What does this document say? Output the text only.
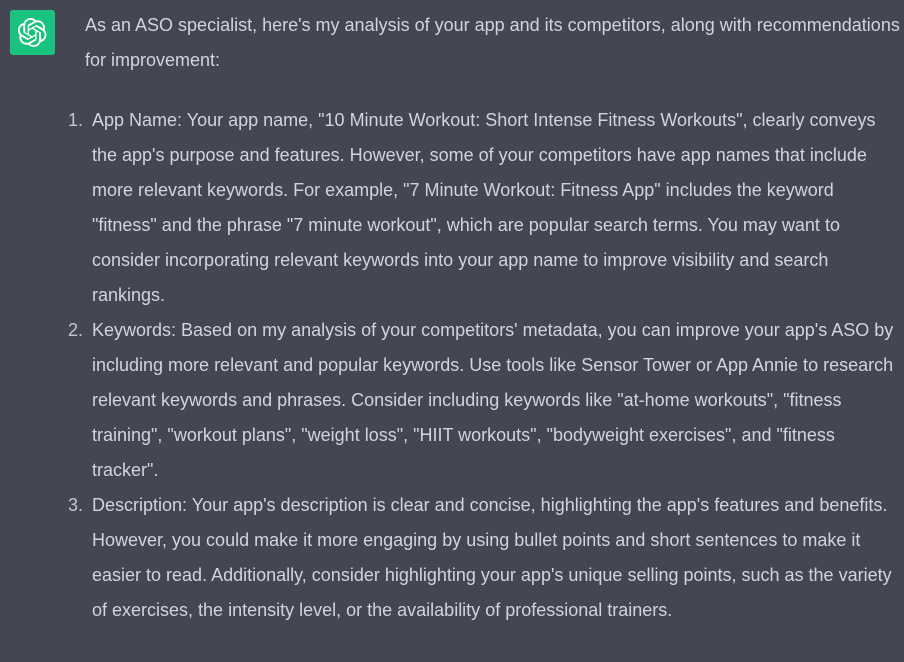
As an ASO specialist, here's my analysis of your app and its competitors, along with recommendations for improvement:

1. App Name: Your app name, "10 Minute Workout: Short Intense Fitness Workouts", clearly conveys the app's purpose and features. However, some of your competitors have app names that include more relevant keywords. For example, "7 Minute Workout: Fitness App" includes the keyword "fitness" and the phrase "7 minute workout", which are popular search terms. You may want to consider incorporating relevant keywords into your app name to improve visibility and search rankings.
2. Keywords: Based on my analysis of your competitors' metadata, you can improve your app's ASO by including more relevant and popular keywords. Use tools like Sensor Tower or App Annie to research relevant keywords and phrases. Consider including keywords like "at-home workouts", "fitness training", "workout plans", "weight loss", "HIIT workouts", "bodyweight exercises", and "fitness tracker".
3. Description: Your app's description is clear and concise, highlighting the app's features and benefits. However, you could make it more engaging by using bullet points and short sentences to make it easier to read. Additionally, consider highlighting your app's unique selling points, such as the variety of exercises, the intensity level, or the availability of professional trainers.
